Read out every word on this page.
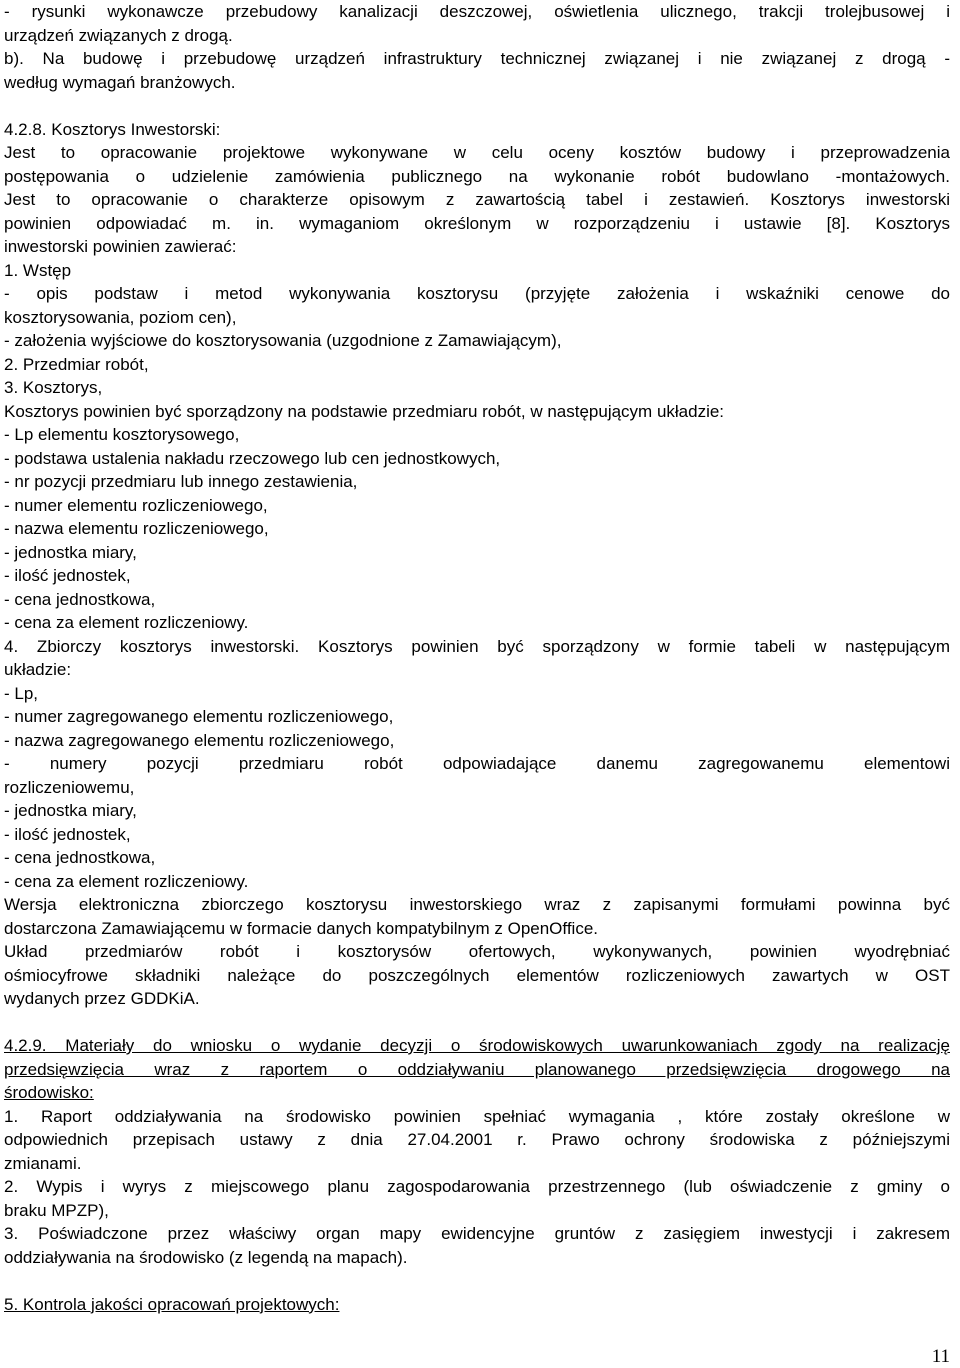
- rysunki wykonawcze przebudowy kanalizacji deszczowej, oświetlenia ulicznego, trakcji trolejbusowej i
urządzeń związanych z drogą.
b). Na budowę i przebudowę urządzeń infrastruktury technicznej związanej i nie związanej z drogą -
według wymagań branżowych.
4.2.8. Kosztorys Inwestorski:
Jest to opracowanie projektowe wykonywane w celu oceny kosztów budowy i przeprowadzenia
postępowania o udzielenie zamówienia publicznego na wykonanie robót budowlano -montażowych.
Jest to opracowanie o charakterze opisowym z zawartością tabel i zestawień. Kosztorys inwestorski
powinien odpowiadać m. in. wymaganiom określonym w rozporządzeniu i ustawie [8]. Kosztorys
inwestorski powinien zawierać:
1. Wstęp
- opis podstaw i metod wykonywania kosztorysu (przyjęte założenia i wskaźniki cenowe do
kosztorysowania, poziom cen),
- założenia wyjściowe do kosztorysowania (uzgodnione z Zamawiającym),
2. Przedmiar robót,
3. Kosztorys,
Kosztorys powinien być sporządzony na podstawie przedmiaru robót, w następującym układzie:
- Lp elementu kosztorysowego,
- podstawa ustalenia nakładu rzeczowego lub cen jednostkowych,
- nr pozycji przedmiaru lub innego zestawienia,
- numer elementu rozliczeniowego,
- nazwa elementu rozliczeniowego,
- jednostka miary,
- ilość jednostek,
- cena jednostkowa,
- cena za element rozliczeniowy.
4. Zbiorczy kosztorys inwestorski. Kosztorys powinien być sporządzony w formie tabeli w następującym
układzie:
- Lp,
- numer zagregowanego elementu rozliczeniowego,
- nazwa zagregowanego elementu rozliczeniowego,
- numery pozycji przedmiaru robót odpowiadające danemu zagregowanemu elementowi
rozliczeniowemu,
- jednostka miary,
- ilość jednostek,
- cena jednostkowa,
- cena za element rozliczeniowy.
Wersja elektroniczna zbiorczego kosztorysu inwestorskiego wraz z zapisanymi formułami powinna być
dostarczona Zamawiającemu w formacie danych kompatybilnym z OpenOffice.
Układ przedmiarów robót i kosztorysów ofertowych, wykonywanych, powinien wyodrębniać
ośmiocyfrowe składniki należące do poszczególnych elementów rozliczeniowych zawartych w OST
wydanych przez GDDKiA.
4.2.9. Materiały do wniosku o wydanie decyzji o środowiskowych uwarunkowaniach zgody na realizację
przedsięwzięcia wraz z raportem o oddziaływaniu planowanego przedsięwzięcia drogowego na
środowisko:
1. Raport oddziaływania na środowisko powinien spełniać wymagania , które zostały określone w
odpowiednich przepisach ustawy z dnia 27.04.2001 r. Prawo ochrony środowiska z późniejszymi
zmianami.
2. Wypis i wyrys z miejscowego planu zagospodarowania przestrzennego (lub oświadczenie z gminy o
braku MPZP),
3. Poświadczone przez właściwy organ mapy ewidencyjne gruntów z zasięgiem inwestycji i zakresem
oddziaływania na środowisko (z legendą na mapach).
5. Kontrola jakości opracowań projektowych:
11
